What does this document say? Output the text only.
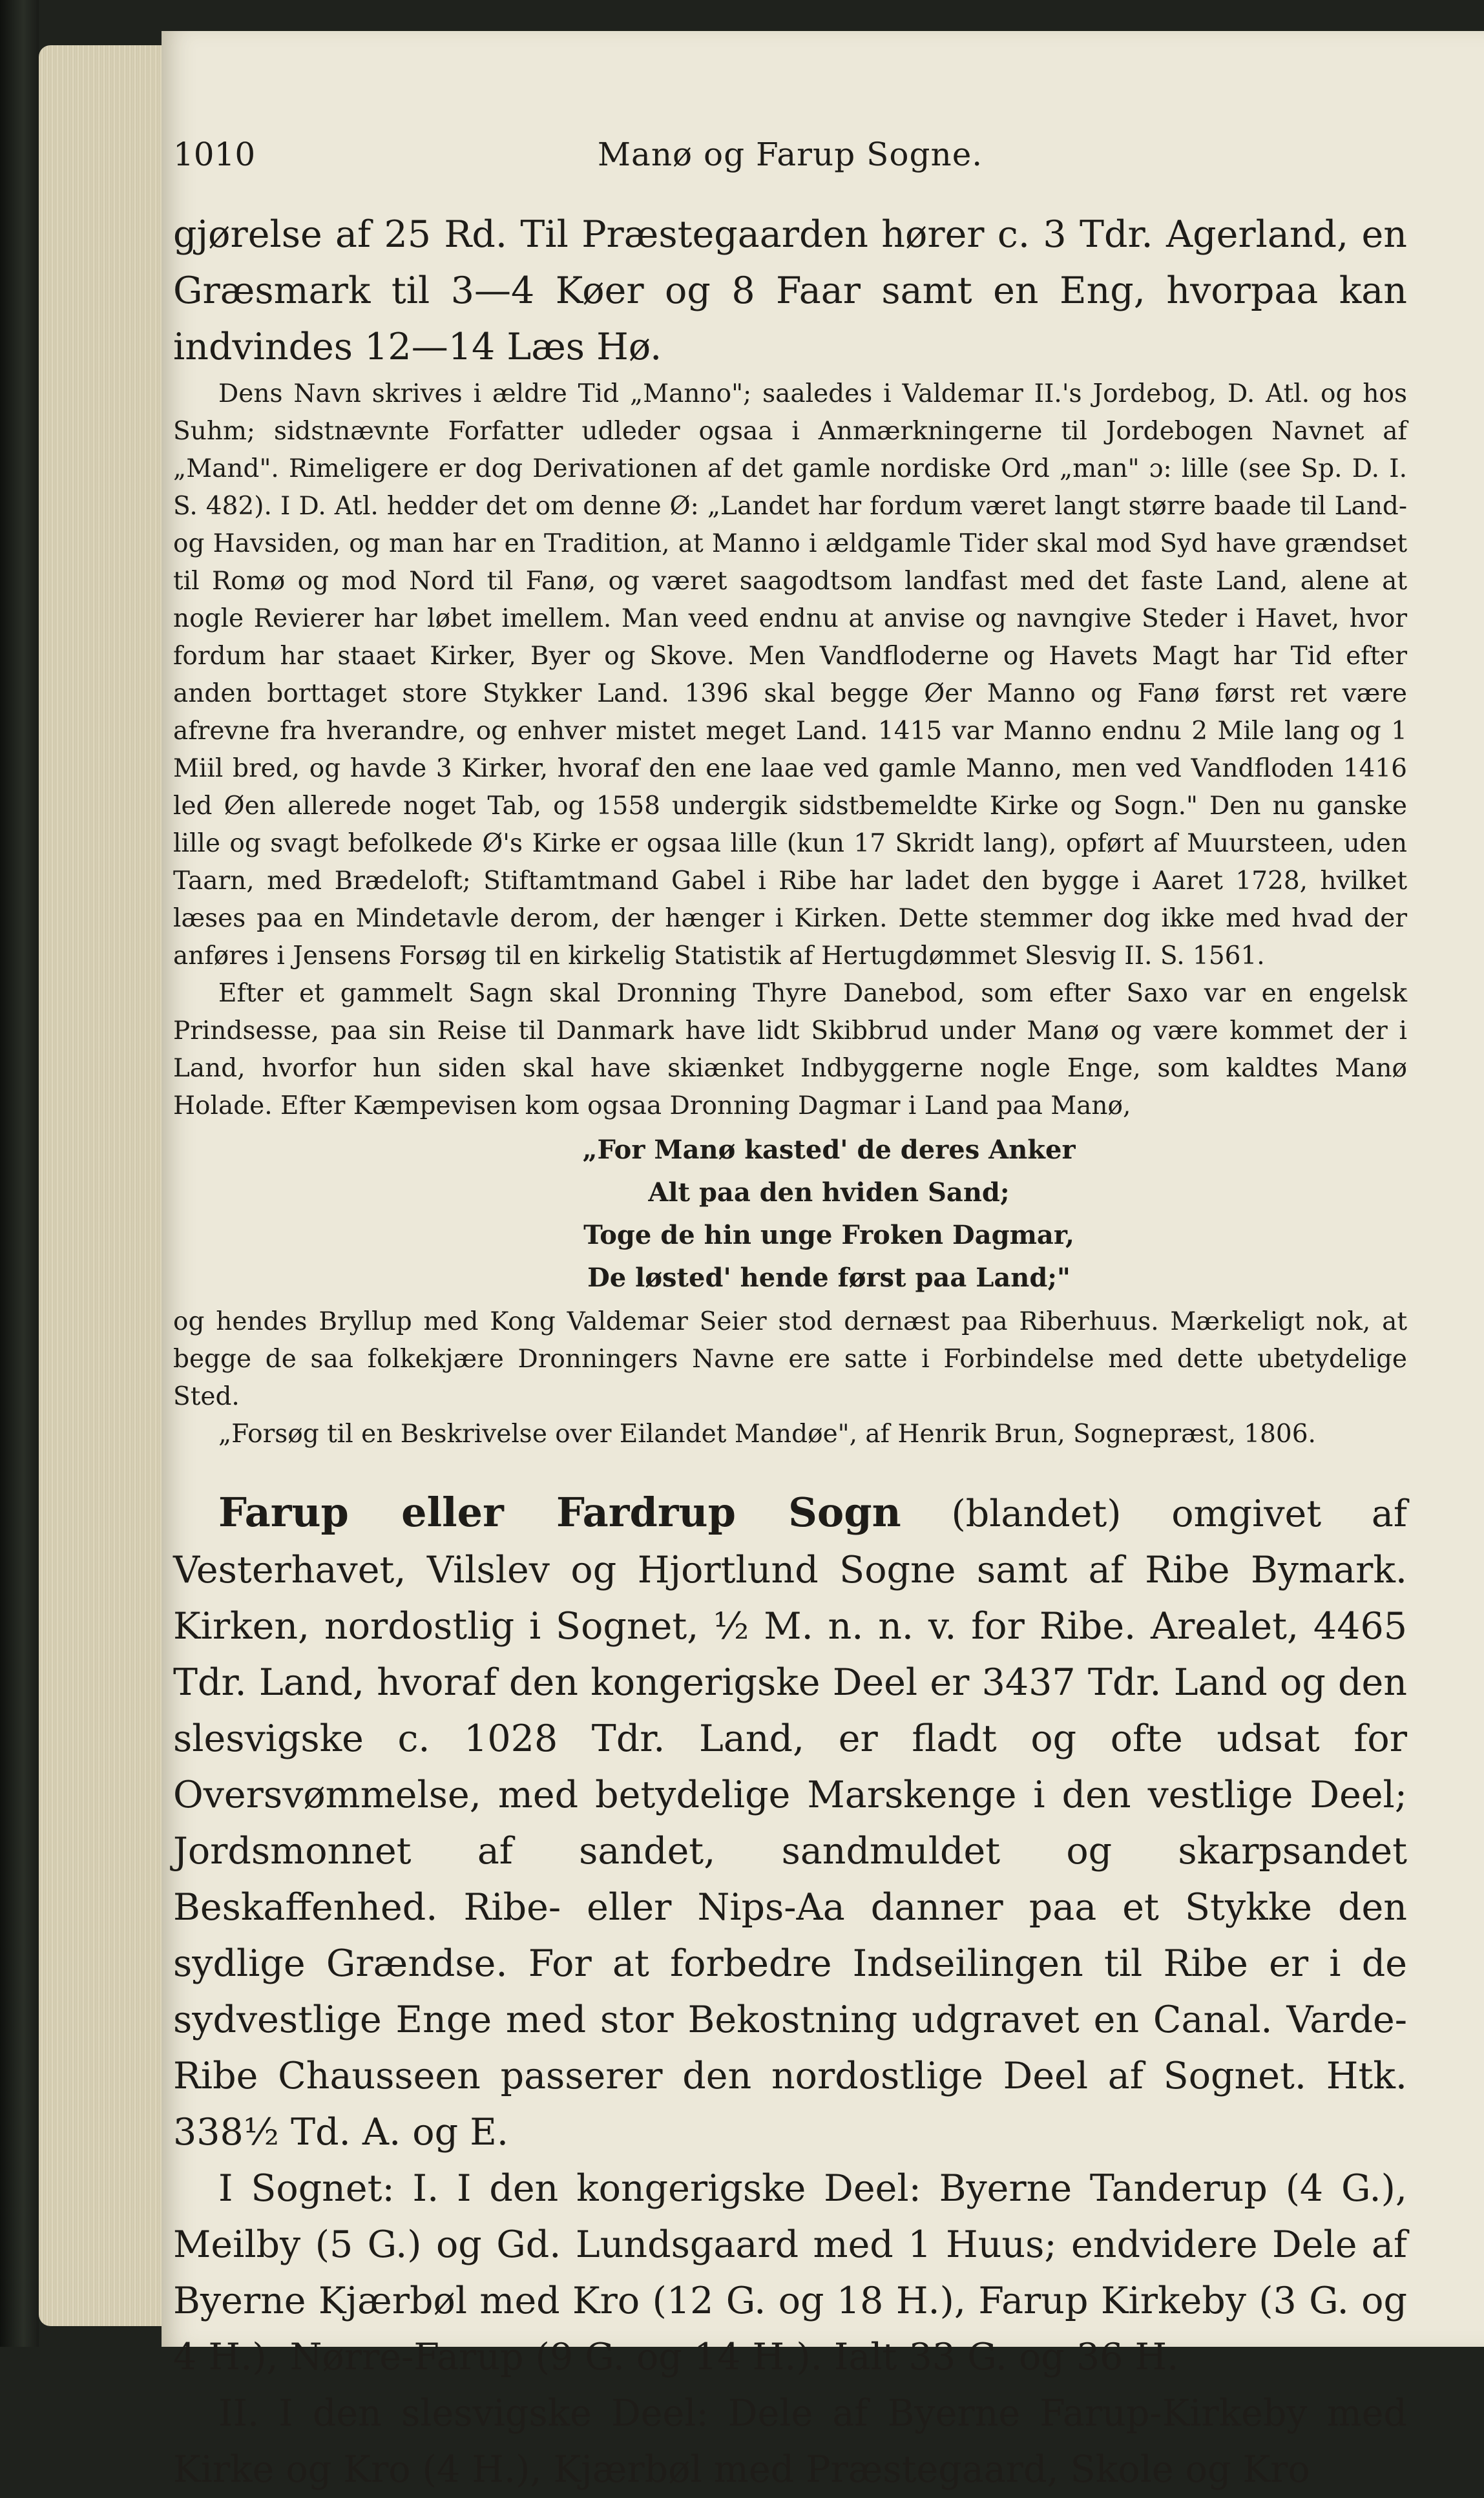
1010	Manø og Farup Sogne.

gjørelse af 25 Rd. Til Præstegaarden hører c. 3 Tdr. Agerland, en Græsmark til 3—4 Køer og 8 Faar samt en Eng, hvorpaa kan indvindes 12—14 Læs Hø.

Dens Navn skrives i ældre Tid „Manno"; saaledes i Valdemar II.'s Jordebog, D. Atl. og hos Suhm; sidstnævnte Forfatter udleder ogsaa i Anmærkningerne til Jordebogen Navnet af „Mand". Rimeligere er dog Derivationen af det gamle nordiske Ord „man" ɔ: lille (see Sp. D. I. S. 482). I D. Atl. hedder det om denne Ø: „Landet har fordum været langt større baade til Land- og Havsiden, og man har en Tradition, at Manno i ældgamle Tider skal mod Syd have grændset til Romø og mod Nord til Fanø, og været saagodtsom landfast med det faste Land, alene at nogle Revierer har løbet imellem. Man veed endnu at anvise og navngive Steder i Havet, hvor fordum har staaet Kirker, Byer og Skove. Men Vandfloderne og Havets Magt har Tid efter anden borttaget store Stykker Land. 1396 skal begge Øer Manno og Fanø først ret være afrevne fra hverandre, og enhver mistet meget Land. 1415 var Manno endnu 2 Mile lang og 1 Miil bred, og havde 3 Kirker, hvoraf den ene laae ved gamle Manno, men ved Vandfloden 1416 led Øen allerede noget Tab, og 1558 undergik sidstbemeldte Kirke og Sogn." Den nu ganske lille og svagt befolkede Ø's Kirke er ogsaa lille (kun 17 Skridt lang), opført af Muursteen, uden Taarn, med Brædeloft; Stiftamtmand Gabel i Ribe har ladet den bygge i Aaret 1728, hvilket læses paa en Mindetavle derom, der hænger i Kirken. Dette stemmer dog ikke med hvad der anføres i Jensens Forsøg til en kirkelig Statistik af Hertugdømmet Slesvig II. S. 1561.

Efter et gammelt Sagn skal Dronning Thyre Danebod, som efter Saxo var en engelsk Prindsesse, paa sin Reise til Danmark have lidt Skibbrud under Manø og være kommet der i Land, hvorfor hun siden skal have skiænket Indbyggerne nogle Enge, som kaldtes Manø Holade. Efter Kæmpevisen kom ogsaa Dronning Dagmar i Land paa Manø,

„For Manø kasted' de deres Anker
Alt paa den hviden Sand;
Toge de hin unge Froken Dagmar,
De løsted' hende først paa Land;"

og hendes Bryllup med Kong Valdemar Seier stod dernæst paa Riberhuus. Mærkeligt nok, at begge de saa folkekjære Dronningers Navne ere satte i Forbindelse med dette ubetydelige Sted.

„Forsøg til en Beskrivelse over Eilandet Mandøe", af Henrik Brun, Sognepræst, 1806.

Farup eller Fardrup Sogn (blandet) omgivet af Vesterhavet, Vilslev og Hjortlund Sogne samt af Ribe Bymark. Kirken, nordostlig i Sognet, ½ M. n. n. v. for Ribe. Arealet, 4465 Tdr. Land, hvoraf den kongerigske Deel er 3437 Tdr. Land og den slesvigske c. 1028 Tdr. Land, er fladt og ofte udsat for Oversvømmelse, med betydelige Marskenge i den vestlige Deel; Jordsmonnet af sandet, sandmuldet og skarpsandet Beskaffenhed. Ribe- eller Nips-Aa danner paa et Stykke den sydlige Grændse. For at forbedre Indseilingen til Ribe er i de sydvestlige Enge med stor Bekostning udgravet en Canal. Varde-Ribe Chausseen passerer den nordostlige Deel af Sognet. Htk. 338½ Td. A. og E.

I Sognet: I. I den kongerigske Deel: Byerne Tanderup (4 G.), Meilby (5 G.) og Gd. Lundsgaard med 1 Huus; endvidere Dele af Byerne Kjærbøl med Kro (12 G. og 18 H.), Farup Kirkeby (3 G. og 4 H.), Nørre-Farup (9 G. og 14 H.). Ialt 33 G. og 36 H.

II. I den slesvigske Deel: Dele af Byerne Farup-Kirkeby med Kirke og Kro (4 H.), Kjærbøl med Præstegaard, Skole og Kro
